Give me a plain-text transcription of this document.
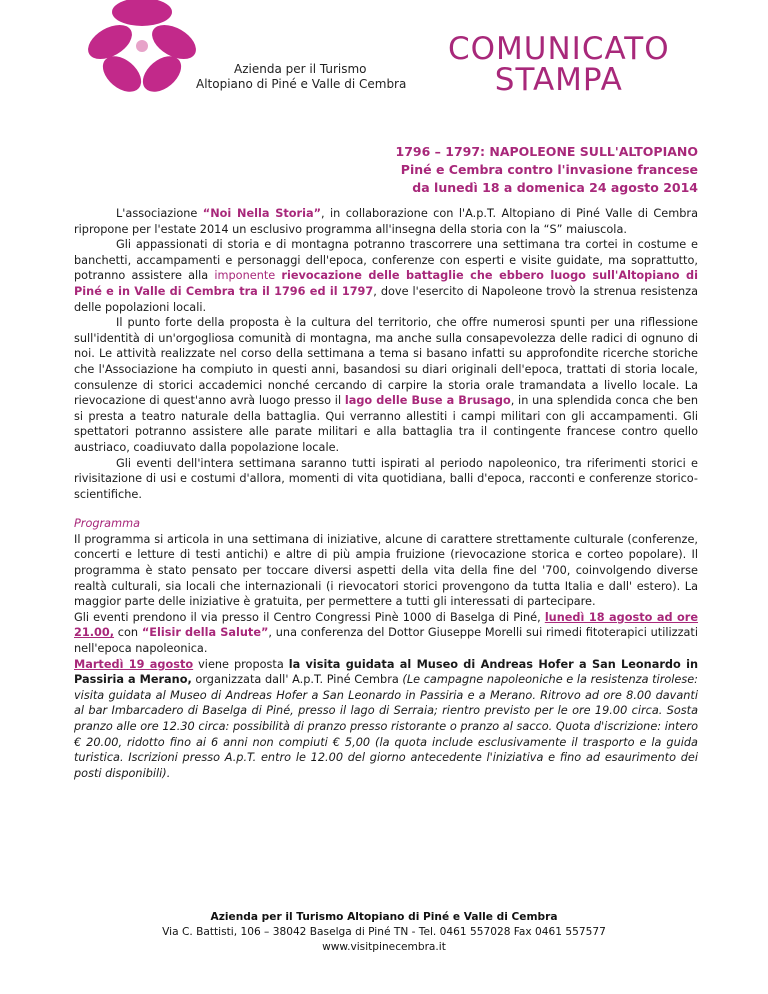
Azienda per il Turismo
Altopiano di Piné e Valle di Cembra
COMUNICATO
STAMPA
1796 – 1797: NAPOLEONE SULL'ALTOPIANO
Piné e Cembra contro l'invasione francese
da lunedì 18 a domenica 24 agosto 2014

L'associazione “Noi Nella Storia”, in collaborazione con l'A.p.T. Altopiano di Piné Valle di Cembra ripropone per l'estate 2014 un esclusivo programma all'insegna della storia con la “S” maiuscola.

Gli appassionati di storia e di montagna potranno trascorrere una settimana tra cortei in costume e banchetti, accampamenti e personaggi dell'epoca, conferenze con esperti e visite guidate, ma soprattutto, potranno assistere alla imponente rievocazione delle battaglie che ebbero luogo sull'Altopiano di Piné e in Valle di Cembra tra il 1796 ed il 1797, dove l'esercito di Napoleone trovò la strenua resistenza delle popolazioni locali.

Il punto forte della proposta è la cultura del territorio, che offre numerosi spunti per una riflessione sull'identità di un'orgogliosa comunità di montagna, ma anche sulla consapevolezza delle radici di ognuno di noi. Le attività realizzate nel corso della settimana a tema si basano infatti su approfondite ricerche storiche che l'Associazione ha compiuto in questi anni, basandosi su diari originali dell'epoca, trattati di storia locale, consulenze di storici accademici nonché cercando di carpire la storia orale tramandata a livello locale. La rievocazione di quest'anno avrà luogo presso il lago delle Buse a Brusago, in una splendida conca che ben si presta a teatro naturale della battaglia. Qui verranno allestiti i campi militari con gli accampamenti. Gli spettatori potranno assistere alle parate militari e alla battaglia tra il contingente francese contro quello austriaco, coadiuvato dalla popolazione locale.

Gli eventi dell'intera settimana saranno tutti ispirati al periodo napoleonico, tra riferimenti storici e rivisitazione di usi e costumi d'allora, momenti di vita quotidiana, balli d'epoca, racconti e conferenze storico-scientifiche.

Programma

Il programma si articola in una settimana di iniziative, alcune di carattere strettamente culturale (conferenze, concerti e letture di testi antichi) e altre di più ampia fruizione (rievocazione storica e corteo popolare). Il programma è stato pensato per toccare diversi aspetti della vita della fine del '700, coinvolgendo diverse realtà culturali, sia locali che internazionali (i rievocatori storici provengono da tutta Italia e dall' estero). La maggior parte delle iniziative è gratuita, per permettere a tutti gli interessati di partecipare.

Gli eventi prendono il via presso il Centro Congressi Pinè 1000 di Baselga di Piné, lunedì 18 agosto ad ore 21.00, con “Elisir della Salute”, una conferenza del Dottor Giuseppe Morelli sui rimedi fitoterapici utilizzati nell'epoca napoleonica.

Martedì 19 agosto viene proposta la visita guidata al Museo di Andreas Hofer a San Leonardo in Passiria a Merano, organizzata dall' A.p.T. Piné Cembra (Le campagne napoleoniche e la resistenza tirolese: visita guidata al Museo di Andreas Hofer a San Leonardo in Passiria e a Merano. Ritrovo ad ore 8.00 davanti al bar Imbarcadero di Baselga di Piné, presso il lago di Serraia; rientro previsto per le ore 19.00 circa. Sosta pranzo alle ore 12.30 circa: possibilità di pranzo presso ristorante o pranzo al sacco. Quota d'iscrizione: intero € 20.00, ridotto fino ai 6 anni non compiuti € 5,00 (la quota include esclusivamente il trasporto e la guida turistica. Iscrizioni presso A.p.T. entro le 12.00 del giorno antecedente l'iniziativa e fino ad esaurimento dei posti disponibili).

Azienda per il Turismo Altopiano di Piné e Valle di Cembra
Via C. Battisti, 106 – 38042 Baselga di Piné TN - Tel. 0461 557028 Fax 0461 557577
www.visitpinecembra.it
